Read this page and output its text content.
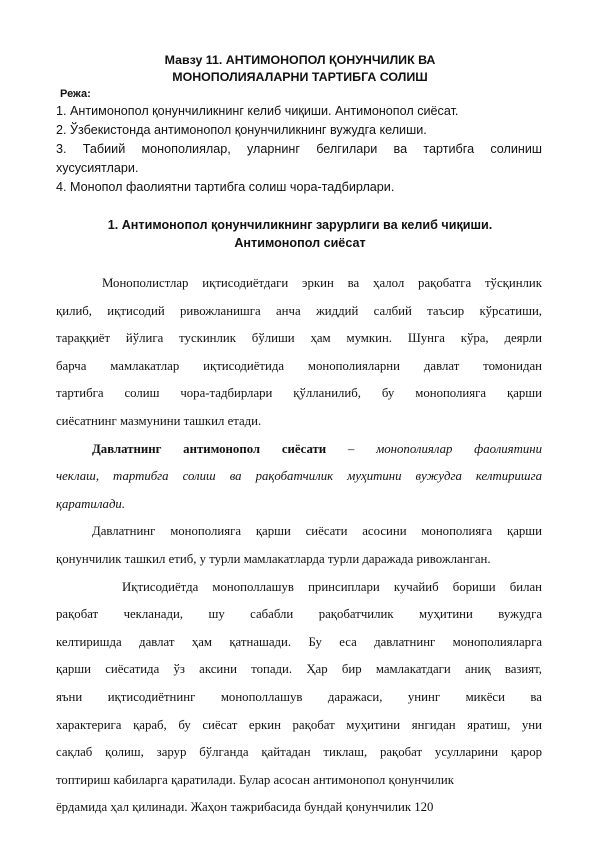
Мавзу 11. АНТИМОНОПОЛ ҚОНУНЧИЛИК ВА
МОНОПОЛИЯАЛАРНИ ТАРТИБГА СОЛИШ
Режа:
1. Антимонопол қонунчиликнинг келиб чиқиши. Антимонопол сиёсат.
2. Ўзбекистонда антимонопол қонунчиликнинг вужудга келиши.
3. Табиий монополиялар, уларнинг белгилари ва тартибга солиниш
хусусиятлари.
4. Монопол фаолиятни тартибга солиш чора-тадбирлари.
1. Антимонопол қонунчиликнинг зарурлиги ва келиб чиқиши.
Антимонопол сиёсат
Монополистлар иқтисодиётдаги эркин ва ҳалол рақобатга тўсқинлик
қилиб, иқтисодий ривожланишга анча жиддий салбий таъсир кўрсатиши,
тараққиёт йўлига тускинлик бўлиши ҳам мумкин. Шунга кўра, деярли
барча мамлакатлар иқтисодиётида монополияларни давлат томонидан
тартибга солиш чора-тадбирлари қўлланилиб, бу монополияга қарши
сиёсатнинг мазмунини ташкил етади.
Давлатнинг антимонопол сиёсати – монополиялар фаолиятини
чеклаш, тартибга солиш ва рақобатчилик муҳитини вужудга келтиришга
қаратилади.
Давлатнинг монополияга қарши сиёсати асосини монополияга қарши
қонунчилик ташкил етиб, у турли мамлакатларда турли даражада ривожланган.
Иқтисодиётда монополлашув принсиплари кучайиб бориши билан
рақобат чекланади, шу сабабли рақобатчилик муҳитини вужудга
келтиришда давлат ҳам қатнашади. Бу еса давлатнинг монополияларга
қарши сиёсатида ўз аксини топади. Ҳар бир мамлакатдаги аниқ вазият,
яъни иқтисодиётнинг монополлашув даражаси, унинг микёси ва
характерига қараб, бу сиёсат еркин рақобат муҳитини янгидан яратиш, уни
сақлаб қолиш, зарур бўлганда қайтадан тиклаш, рақобат усулларини қарор
топтириш кабиларга қаратилади. Булар асосан антимонопол қонунчилик
ёрдамида ҳал қилинади. Жаҳон тажрибасида бундай қонунчилик 120
